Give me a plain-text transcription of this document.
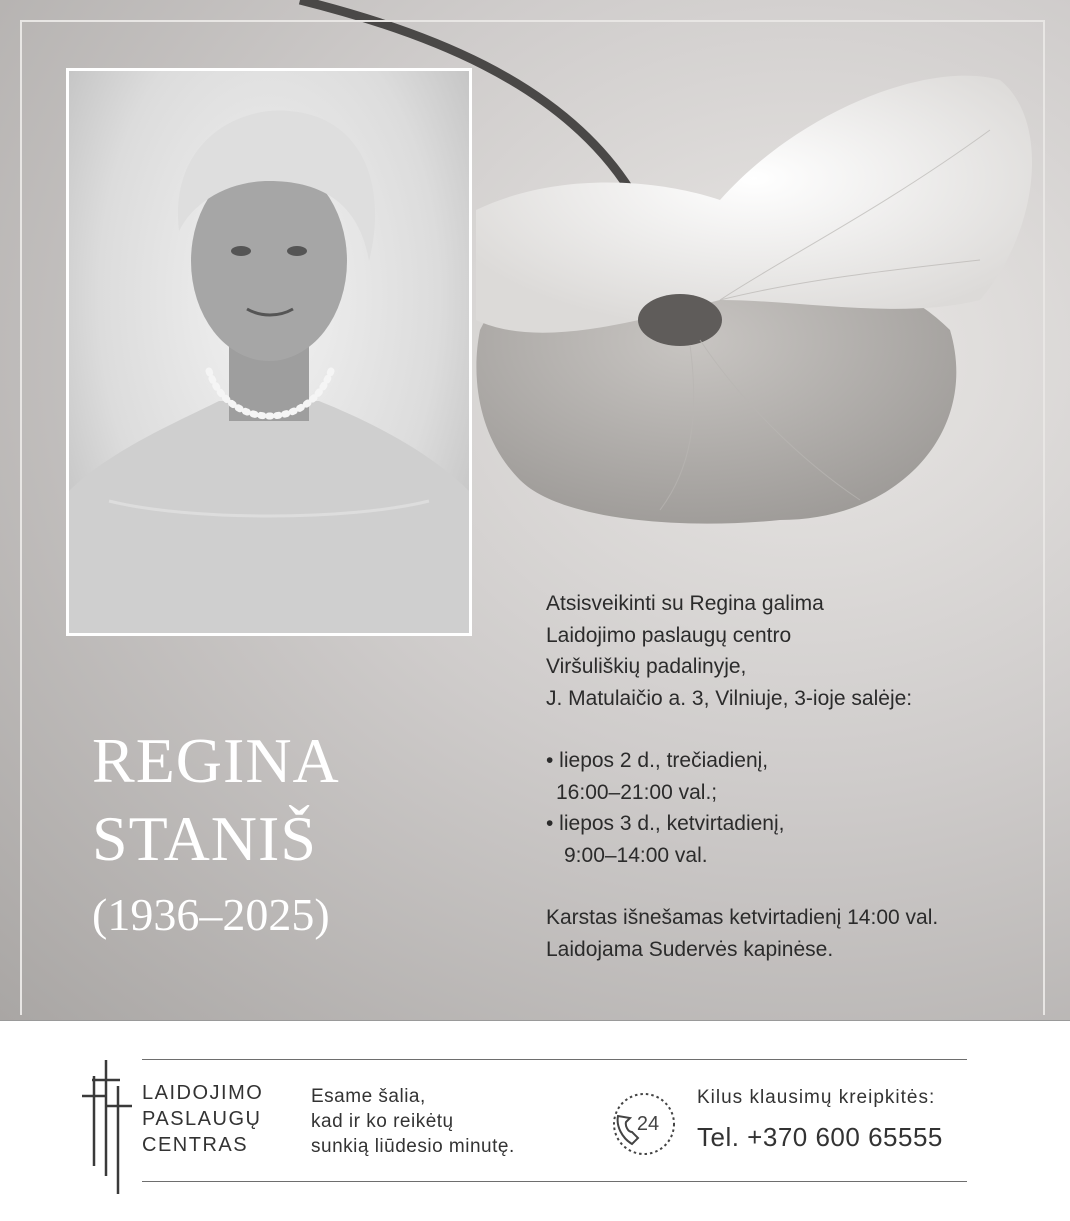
REGINA
STANIŠ
(1936–2025)
Atsisveikinti su Regina galima
Laidojimo paslaugų centro
Viršuliškių padalinyje,
J. Matulaičio a. 3, Vilniuje, 3-ioje salėje:
• liepos 2 d., trečiadienį,
16:00–21:00 val.;
• liepos 3 d., ketvirtadienį,
9:00–14:00 val.
Karstas išnešamas ketvirtadienį 14:00 val.
Laidojama Sudervės kapinėse.
LAIDOJIMO
PASLAUGŲ
CENTRAS
Esame šalia,
kad ir ko reikėtų
sunkią liūdesio minutę.
24
Kilus klausimų kreipkitės:
Tel. +370 600 65555
